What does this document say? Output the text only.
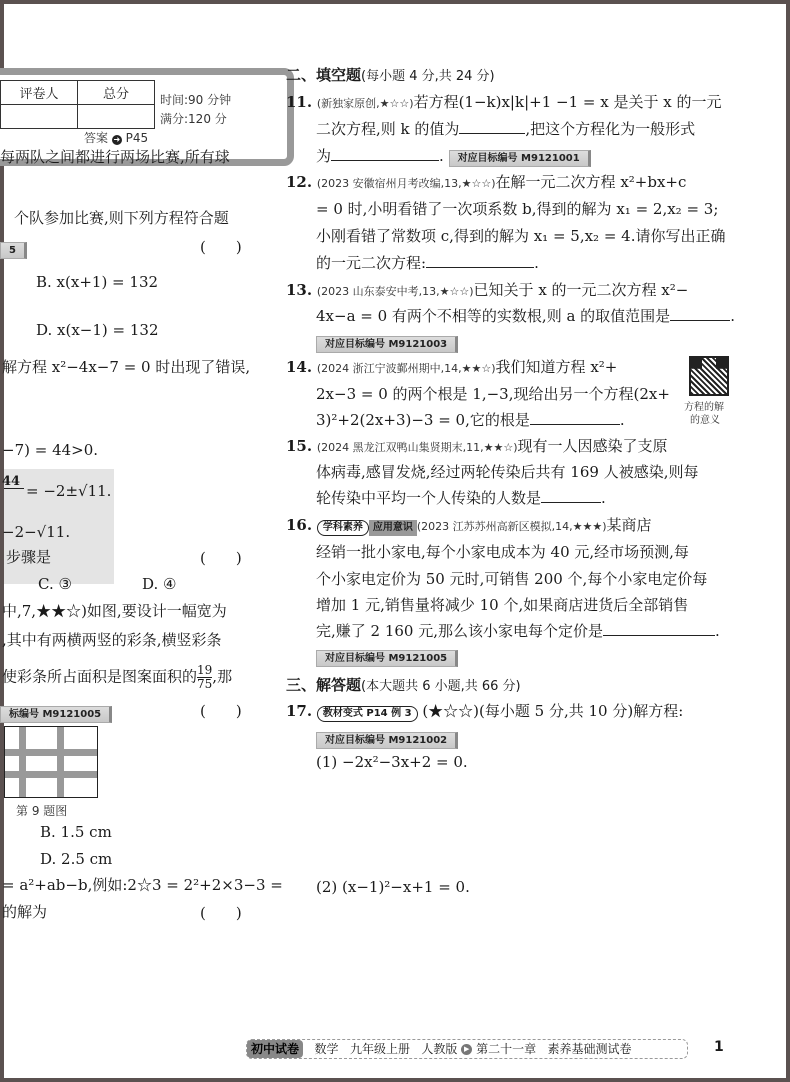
评卷人	总分
		时间:90 分钟
满分:120 分
答案 ➜ P45
每两队之间都进行两场比赛,所有球
个队参加比赛,则下列方程符合题
5	(　　)
B. x(x+1) = 132
D. x(x−1) = 132
解方程 x²−4x−7 = 0 时出现了错误,
−7) = 44>0.
44
= −2±√11.
−2−√11.
步骤是	(　　)
C. ③	D. ④
中,7,★★☆)如图,要设计一幅宽为
,其中有两横两竖的彩条,横竖彩条
使彩条所占面积是图案面积的 $\frac{19}{75}$ ,那
标编号 M9121005	(　　)
第 9 题图
B. 1.5 cm
D. 2.5 cm
= a²+ab−b,例如:2☆3 = 2²+2×3−3 =
的解为	(　　)
二、填空题(每小题 4 分,共 24 分)
11. (新独家原创,★☆☆)若方程(1−k)x|k|+1 −1 = x 是关于 x 的一元
二次方程,则 k 的值为	,把这个方程化为一般形式
为	. 对应目标编号 M9121001
12. (2023 安徽宿州月考改编,13,★☆☆)在解一元二次方程 x²+bx+c
= 0 时,小明看错了一次项系数 b,得到的解为 x₁ = 2,x₂ = 3;
小刚看错了常数项 c,得到的解为 x₁ = 5,x₂ = 4.请你写出正确
的一元二次方程:	.
13. (2023 山东泰安中考,13,★☆☆)已知关于 x 的一元二次方程 x²−
4x−a = 0 有两个不相等的实数根,则 a 的取值范围是	.
对应目标编号 M9121003
14. (2024 浙江宁波鄞州期中,14,★★☆)我们知道方程 x²+
2x−3 = 0 的两个根是 1,−3,现给出另一个方程(2x+
3)²+2(2x+3)−3 = 0,它的根是	.
方程的解
的意义
15. (2024 黑龙江双鸭山集贤期末,11,★★☆)现有一人因感染了支原
体病毒,感冒发烧,经过两轮传染后共有 169 人被感染,则每
轮传染中平均一个人传染的人数是	.
16. 学科素养 应用意识 (2023 江苏苏州高新区模拟,14,★★★)某商店
经销一批小家电,每个小家电成本为 40 元,经市场预测,每
个小家电定价为 50 元时,可销售 200 个,每个小家电定价每
增加 1 元,销售量将减少 10 个,如果商店进货后全部销售
完,赚了 2 160 元,那么该小家电每个定价是	.
对应目标编号 M9121005
三、解答题(本大题共 6 小题,共 66 分)
17. 教材变式 P14 例 3 (★☆☆)(每小题 5 分,共 10 分)解方程:
对应目标编号 M9121002
(1) −2x²−3x+2 = 0.
(2) (x−1)²−x+1 = 0.
初中试卷 数学 九年级上册 人教版 ▶ 第二十一章 素养基础测试卷	1
